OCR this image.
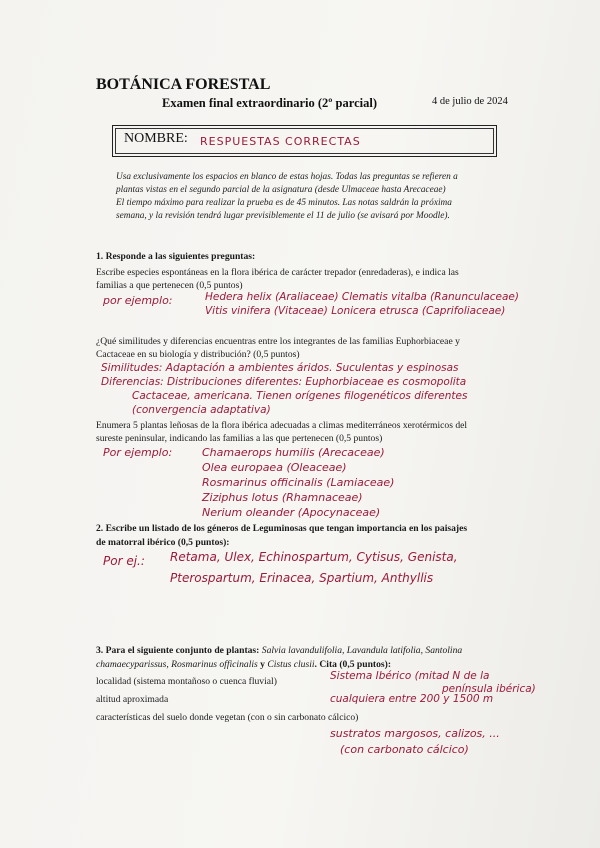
BOTÁNICA FORESTAL
Examen final extraordinario (2º parcial)	4 de julio de 2024
NOMBRE: RESPUESTAS CORRECTAS
Usa exclusivamente los espacios en blanco de estas hojas. Todas las preguntas se refieren a
plantas vistas en el segundo parcial de la asignatura (desde Ulmaceae hasta Arecaceae)
El tiempo máximo para realizar la prueba es de 45 minutos. Las notas saldrán la próxima
semana, y la revisión tendrá lugar previsiblemente el 11 de julio (se avisará por Moodle).
1. Responde a las siguientes preguntas:
Escribe especies espontáneas en la flora ibérica de carácter trepador (enredaderas), e indica las
familias a que pertenecen (0,5 puntos)
por ejemplo:	Hedera helix (Araliaceae) Clematis vitalba (Ranunculaceae)
Vitis vinifera (Vitaceae) Lonicera etrusca (Caprifoliaceae)
¿Qué similitudes y diferencias encuentras entre los integrantes de las familias Euphorbiaceae y
Cactaceae en su biología y distribución? (0,5 puntos)
Similitudes: Adaptación a ambientes áridos. Suculentas y espinosas
Diferencias: Distribuciones diferentes: Euphorbiaceae es cosmopolita
Cactaceae, americana. Tienen orígenes filogenéticos diferentes
(convergencia adaptativa)
Enumera 5 plantas leñosas de la flora ibérica adecuadas a climas mediterráneos xerotérmicos del
sureste peninsular, indicando las familias a las que pertenecen (0,5 puntos)
Por ejemplo:	Chamaerops humilis (Arecaceae)
Olea europaea (Oleaceae)
Rosmarinus officinalis (Lamiaceae)
Ziziphus lotus (Rhamnaceae)
Nerium oleander (Apocynaceae)
2. Escribe un listado de los géneros de Leguminosas que tengan importancia en los paisajes
de matorral ibérico (0,5 puntos):
Por ej.: Retama, Ulex, Echinospartum, Cytisus, Genista,
Pterospartum, Erinacea, Spartium, Anthyllis
3. Para el siguiente conjunto de plantas: Salvia lavandulifolia, Lavandula latifolia, Santolina
chamaecyparissus, Rosmarinus officinalis y Cistus clusii. Cita (0,5 puntos):
localidad (sistema montañoso o cuenca fluvial)	Sistema Ibérico (mitad N de la
península ibérica)
altitud aproximada	cualquiera entre 200 y 1500 m
características del suelo donde vegetan (con o sin carbonato cálcico)
sustratos margosos, calizos, ...
(con carbonato cálcico)
